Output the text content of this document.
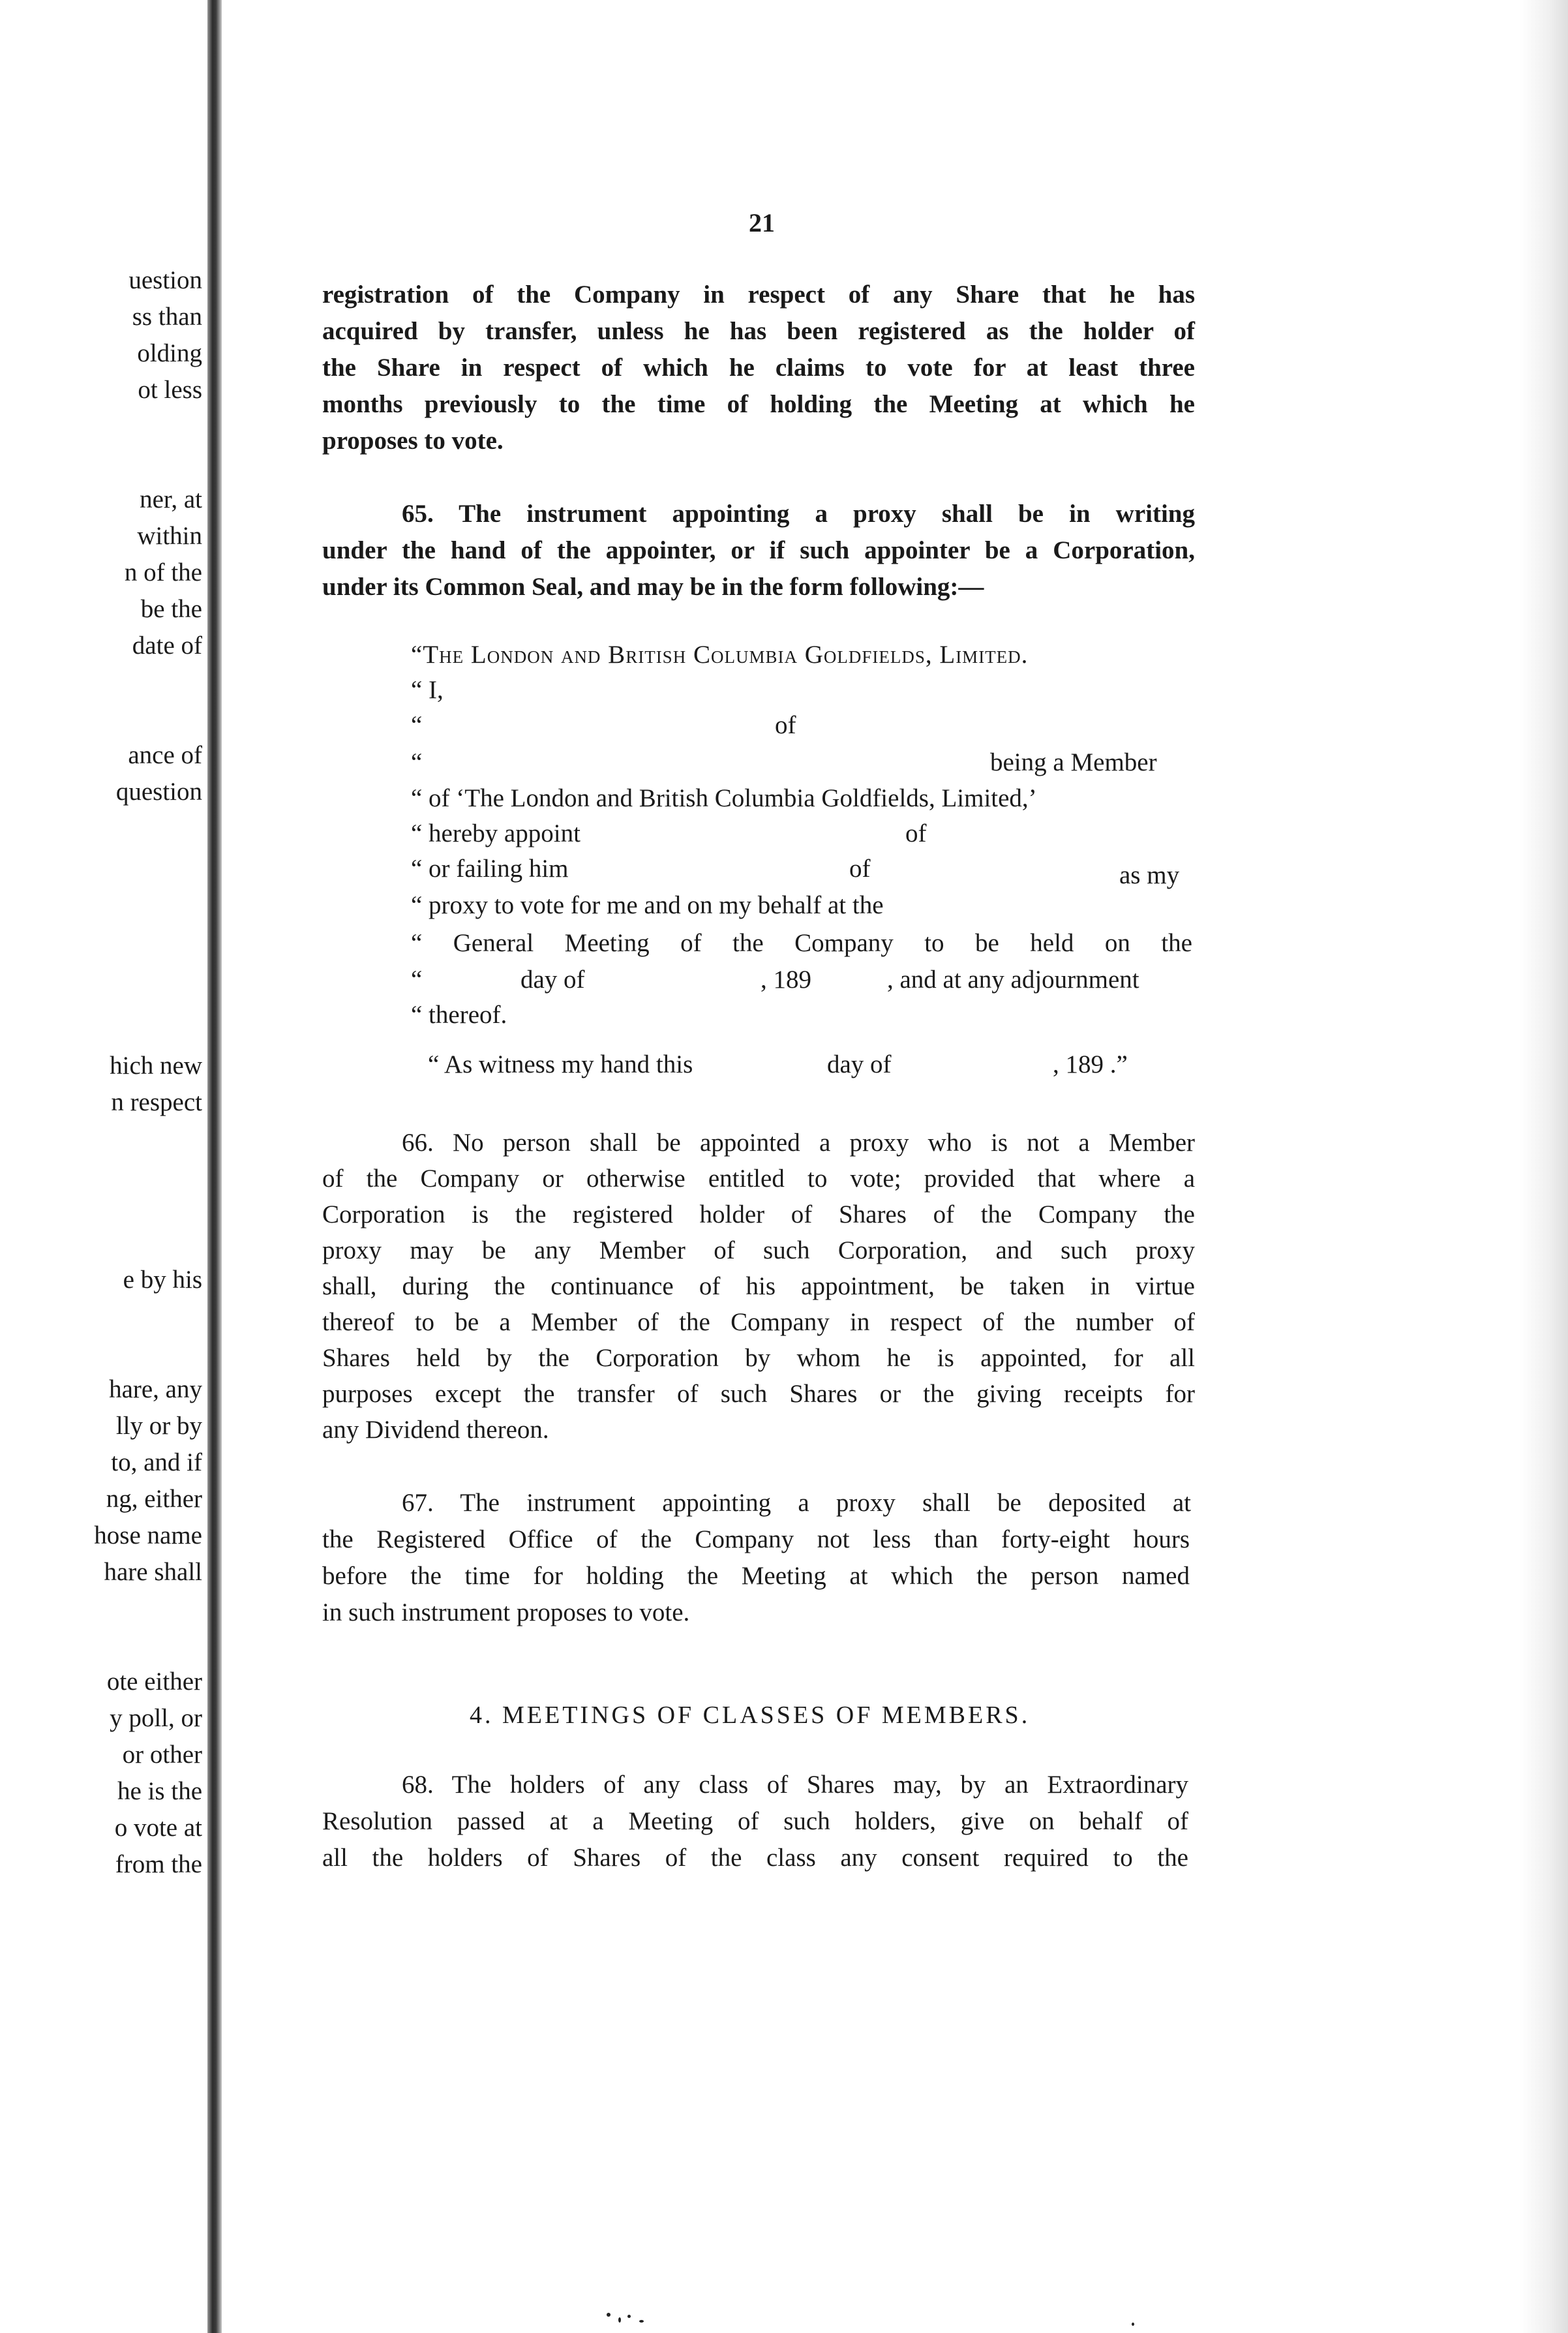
uestion
ss than
olding
ot less
ner, at
within
n of the
be the
date of
ance of
question
hich new
n respect
e by his
hare, any
lly or by
to, and if
ng, either
hose name
hare shall
ote either
y poll, or
or other
he is the
o vote at
from the
21
registration of the Company in respect of any Share that he has
acquired by transfer, unless he has been registered as the holder of
the Share in respect of which he claims to vote for at least three
months previously to the time of holding the Meeting at which he
proposes to vote.
65. The instrument appointing a proxy shall be in writing
under the hand of the appointer, or if such appointer be a Corporation,
under its Common Seal, and may be in the form following:—
“The London and British Columbia Goldfields, Limited.
“ I,
“	of
“	being a Member
“ of ‘The London and British Columbia Goldfields, Limited,’
“ hereby appoint	of
“ or failing him	of	as my
“ proxy to vote for me and on my behalf at the
“ General Meeting of the Company to be held on the
“	day of	, 189	, and at any adjournment
“ thereof.
“ As witness my hand this	day of	, 189 .”
66. No person shall be appointed a proxy who is not a Member
of the Company or otherwise entitled to vote; provided that where a
Corporation is the registered holder of Shares of the Company the
proxy may be any Member of such Corporation, and such proxy
shall, during the continuance of his appointment, be taken in virtue
thereof to be a Member of the Company in respect of the number of
Shares held by the Corporation by whom he is appointed, for all
purposes except the transfer of such Shares or the giving receipts for
any Dividend thereon.
67. The instrument appointing a proxy shall be deposited at
the Registered Office of the Company not less than forty-eight hours
before the time for holding the Meeting at which the person named
in such instrument proposes to vote.
4. MEETINGS OF CLASSES OF MEMBERS.
68. The holders of any class of Shares may, by an Extraordinary
Resolution passed at a Meeting of such holders, give on behalf of
all the holders of Shares of the class any consent required to the
